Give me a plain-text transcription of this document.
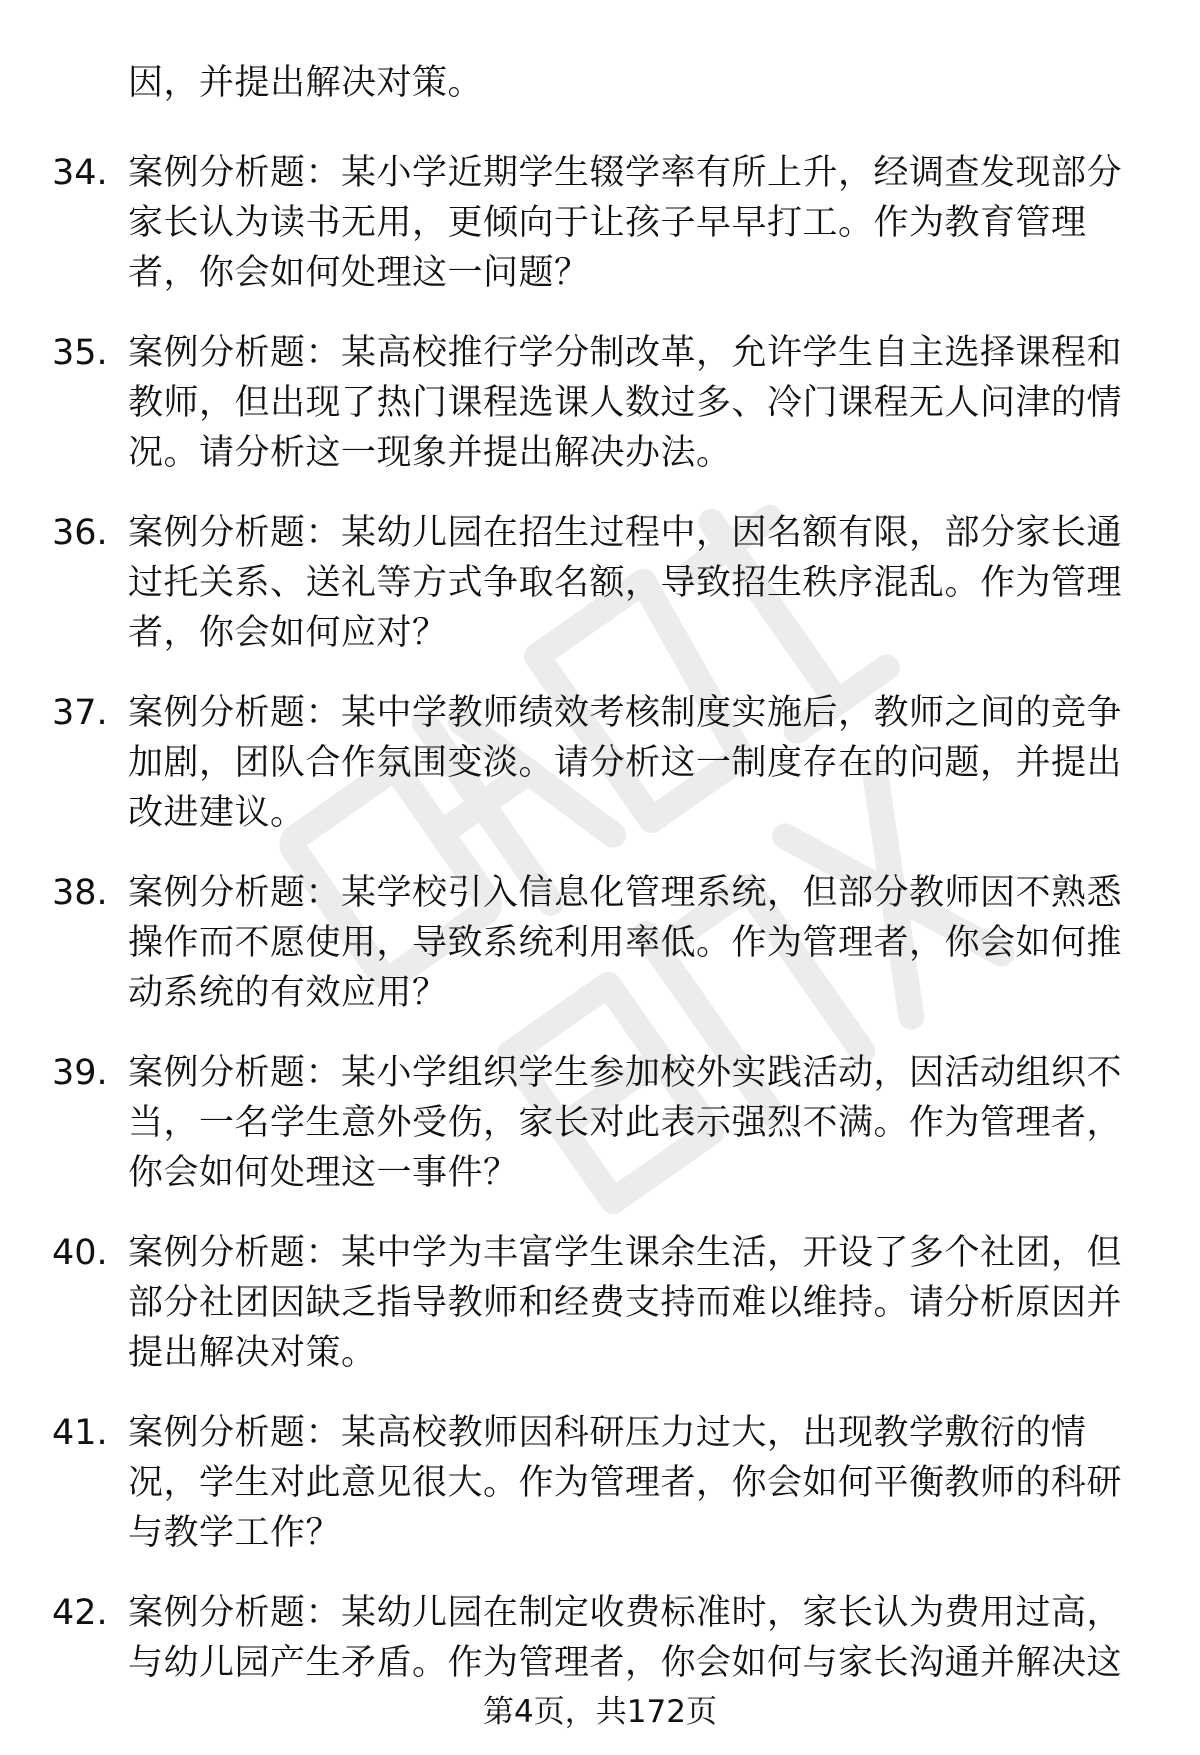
因，并提出解决对策。
34. 案例分析题：某小学近期学生辍学率有所上升，经调查发现部分家长认为读书无用，更倾向于让孩子早早打工。作为教育管理者，你会如何处理这一问题？
35. 案例分析题：某高校推行学分制改革，允许学生自主选择课程和教师，但出现了热门课程选课人数过多、冷门课程无人问津的情况。请分析这一现象并提出解决办法。
36. 案例分析题：某幼儿园在招生过程中，因名额有限，部分家长通过托关系、送礼等方式争取名额，导致招生秩序混乱。作为管理者，你会如何应对？
37. 案例分析题：某中学教师绩效考核制度实施后，教师之间的竞争加剧，团队合作氛围变淡。请分析这一制度存在的问题，并提出改进建议。
38. 案例分析题：某学校引入信息化管理系统，但部分教师因不熟悉操作而不愿使用，导致系统利用率低。作为管理者，你会如何推动系统的有效应用？
39. 案例分析题：某小学组织学生参加校外实践活动，因活动组织不当，一名学生意外受伤，家长对此表示强烈不满。作为管理者，你会如何处理这一事件？
40. 案例分析题：某中学为丰富学生课余生活，开设了多个社团，但部分社团因缺乏指导教师和经费支持而难以维持。请分析原因并提出解决对策。
41. 案例分析题：某高校教师因科研压力过大，出现教学敷衍的情况，学生对此意见很大。作为管理者，你会如何平衡教师的科研与教学工作？
42. 案例分析题：某幼儿园在制定收费标准时，家长认为费用过高，与幼儿园产生矛盾。作为管理者，你会如何与家长沟通并解决这
第4页，共172页
